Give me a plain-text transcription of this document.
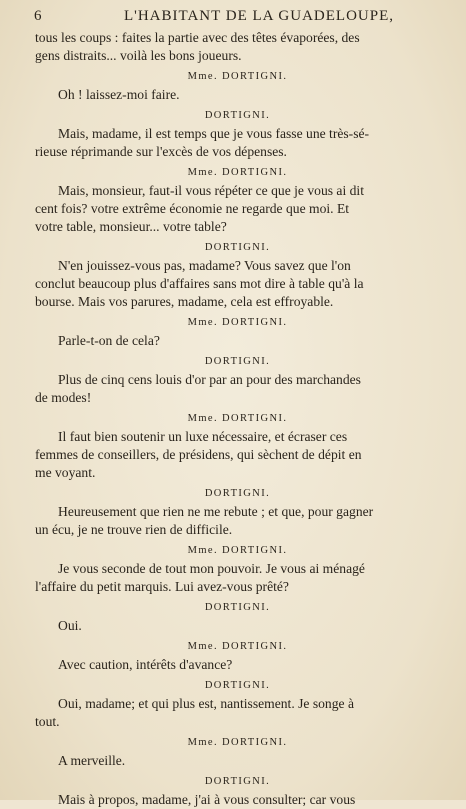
6	L'HABITANT DE LA GUADELOUPE,
tous les coups : faites la partie avec des têtes évaporées, des
gens distraits... voilà les bons joueurs.
Mme. DORTIGNI.
Oh ! laissez-moi faire.
DORTIGNI.
Mais, madame, il est temps que je vous fasse une très-sé-
rieuse réprimande sur l'excès de vos dépenses.
Mme. DORTIGNI.
Mais, monsieur, faut-il vous répéter ce que je vous ai dit
cent fois? votre extrême économie ne regarde que moi. Et
votre table, monsieur... votre table?
DORTIGNI.
N'en jouissez-vous pas, madame? Vous savez que l'on
conclut beaucoup plus d'affaires sans mot dire à table qu'à la
bourse. Mais vos parures, madame, cela est effroyable.
Mme. DORTIGNI.
Parle-t-on de cela?
DORTIGNI.
Plus de cinq cens louis d'or par an pour des marchandes
de modes!
Mme. DORTIGNI.
Il faut bien soutenir un luxe nécessaire, et écraser ces
femmes de conseillers, de présidens, qui sèchent de dépit en
me voyant.
DORTIGNI.
Heureusement que rien ne me rebute ; et que, pour gagner
un écu, je ne trouve rien de difficile.
Mme. DORTIGNI.
Je vous seconde de tout mon pouvoir. Je vous ai ménagé
l'affaire du petit marquis. Lui avez-vous prêté?
DORTIGNI.
Oui.
Mme. DORTIGNI.
Avec caution, intérêts d'avance?
DORTIGNI.
Oui, madame; et qui plus est, nantissement. Je songe à
tout.
Mme. DORTIGNI.
A merveille.
DORTIGNI.
Mais à propos, madame, j'ai à vous consulter; car vous
